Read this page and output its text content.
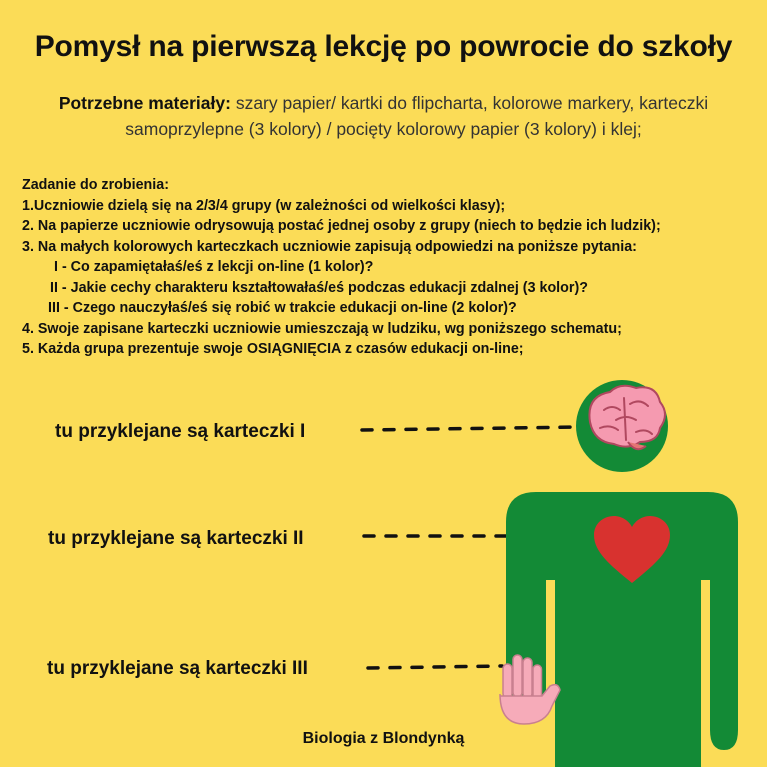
Pomysł na pierwszą lekcję po powrocie do szkoły
Potrzebne materiały: szary papier/ kartki do flipcharta, kolorowe markery, karteczki samoprzylepne (3 kolory) / pocięty kolorowy papier (3 kolory) i klej;
Zadanie do zrobienia:
1.Uczniowie dzielą się na 2/3/4 grupy (w zależności od wielkości klasy);
2. Na papierze uczniowie odrysowują postać jednej osoby z grupy (niech to będzie ich ludzik);
3. Na małych kolorowych karteczkach uczniowie zapisują odpowiedzi na poniższe pytania:
I - Co zapamiętałaś/eś z lekcji on-line (1 kolor)?
II - Jakie cechy charakteru kształtowałaś/eś podczas edukacji zdalnej (3 kolor)?
III - Czego nauczyłaś/eś się robić w trakcie edukacji on-line (2 kolor)?
4. Swoje zapisane karteczki uczniowie umieszczają w ludziku, wg poniższego schematu;
5. Każda grupa prezentuje swoje OSIĄGNIĘCIA z czasów edukacji on-line;
tu przyklejane są karteczki I
tu przyklejane są karteczki II
tu przyklejane są karteczki III
Biologia z Blondynką
